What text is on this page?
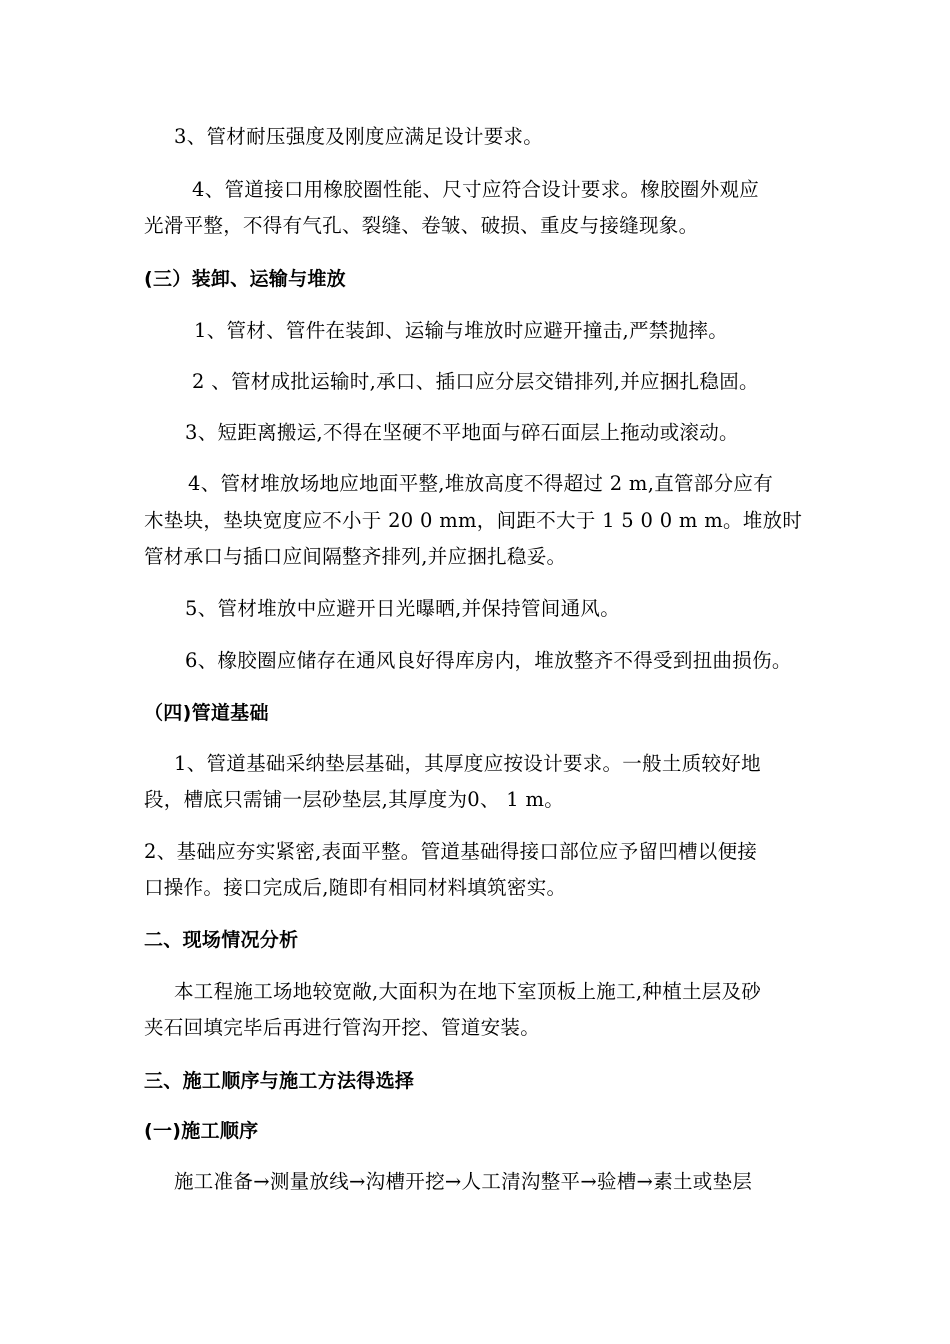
3、管材耐压强度及刚度应满足设计要求。
4、管道接口用橡胶圈性能、尺寸应符合设计要求。橡胶圈外观应
光滑平整，不得有气孔、裂缝、卷皱、破损、重皮与接缝现象。
(三）装卸、运输与堆放
1、管材、管件在装卸、运输与堆放时应避开撞击,严禁抛摔。
2 、管材成批运输时,承口、插口应分层交错排列,并应捆扎稳固。
3、短距离搬运,不得在坚硬不平地面与碎石面层上拖动或滚动。
4、管材堆放场地应地面平整,堆放高度不得超过 2 m,直管部分应有
木垫块，垫块宽度应不小于 20 0 mm，间距不大于 1 5 0 0 m m。堆放时
管材承口与插口应间隔整齐排列,并应捆扎稳妥。
5、管材堆放中应避开日光曝晒,并保持管间通风。
6、橡胶圈应储存在通风良好得库房内，堆放整齐不得受到扭曲损伤。
（四)管道基础
1、管道基础采纳垫层基础，其厚度应按设计要求。一般土质较好地
段，槽底只需铺一层砂垫层,其厚度为0、 1 m。
2、基础应夯实紧密,表面平整。管道基础得接口部位应予留凹槽以便接
口操作。接口完成后,随即有相同材料填筑密实。
二、现场情况分析
本工程施工场地较宽敞,大面积为在地下室顶板上施工,种植土层及砂
夹石回填完毕后再进行管沟开挖、管道安装。
三、施工顺序与施工方法得选择
(一)施工顺序
施工准备→测量放线→沟槽开挖→人工清沟整平→验槽→素土或垫层
